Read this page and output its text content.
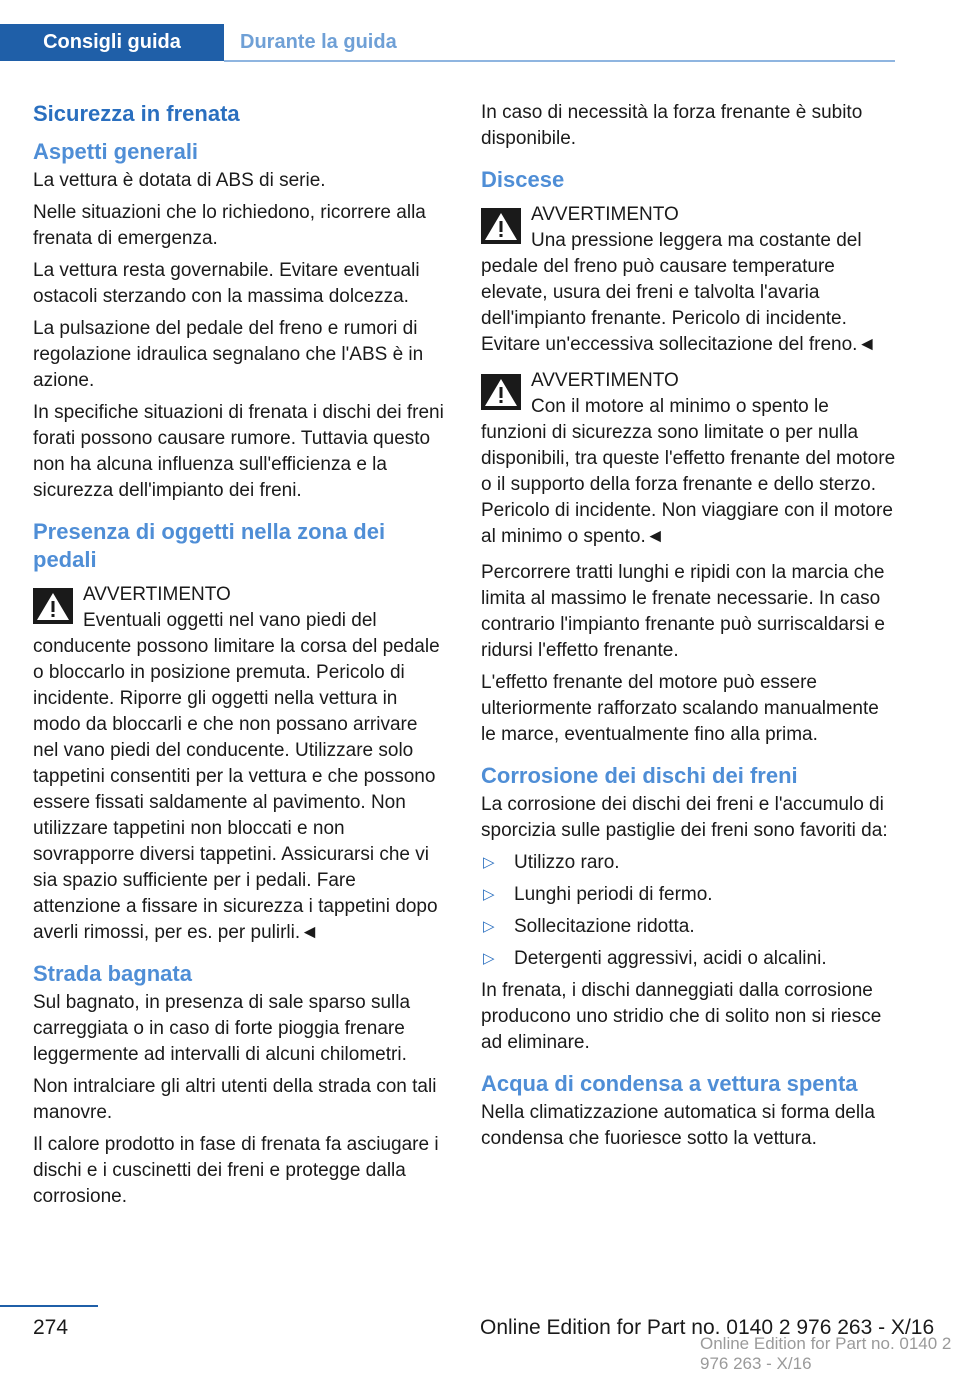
Consigli guida	Durante la guida
Sicurezza in frenata
Aspetti generali

La vettura è dotata di ABS di serie.

Nelle situazioni che lo richiedono, ricorrere alla frenata di emergenza.

La vettura resta governabile. Evitare eventuali ostacoli sterzando con la massima dolcezza.

La pulsazione del pedale del freno e rumori di regolazione idraulica segnalano che l'ABS è in azione.

In specifiche situazioni di frenata i dischi dei freni forati possono causare rumore. Tuttavia questo non ha alcuna influenza sull'efficienza e la sicurezza dell'impianto dei freni.

Presenza di oggetti nella zona dei pedali
AVVERTIMENTO

Eventuali oggetti nel vano piedi del conducente possono limitare la corsa del pedale o bloccarlo in posizione premuta. Pericolo di incidente. Riporre gli oggetti nella vettura in modo da bloccarli e che non possano arrivare nel vano piedi del conducente. Utilizzare solo tappetini consentiti per la vettura e che possono essere fissati saldamente al pavimento. Non utilizzare tappetini non bloccati e non sovrapporre diversi tappetini. Assicurarsi che vi sia spazio sufficiente per i pedali. Fare attenzione a fissare in sicurezza i tappetini dopo averli rimossi, per es. per pulirli.◄

Strada bagnata

Sul bagnato, in presenza di sale sparso sulla carreggiata o in caso di forte pioggia frenare leggermente ad intervalli di alcuni chilometri.

Non intralciare gli altri utenti della strada con tali manovre.

Il calore prodotto in fase di frenata fa asciugare i dischi e i cuscinetti dei freni e protegge dalla corrosione.

In caso di necessità la forza frenante è subito disponibile.

Discese
AVVERTIMENTO

Una pressione leggera ma costante del pedale del freno può causare temperature elevate, usura dei freni e talvolta l'avaria dell'impianto frenante. Pericolo di incidente. Evitare un'eccessiva sollecitazione del freno.◄

AVVERTIMENTO

Con il motore al minimo o spento le funzioni di sicurezza sono limitate o per nulla disponibili, tra queste l'effetto frenante del motore o il supporto della forza frenante e dello sterzo. Pericolo di incidente. Non viaggiare con il motore al minimo o spento.◄

Percorrere tratti lunghi e ripidi con la marcia che limita al massimo le frenate necessarie. In caso contrario l'impianto frenante può surriscaldarsi e ridursi l'effetto frenante.

L'effetto frenante del motore può essere ulteriormente rafforzato scalando manualmente le marce, eventualmente fino alla prima.

Corrosione dei dischi dei freni

La corrosione dei dischi dei freni e l'accumulo di sporcizia sulle pastiglie dei freni sono favoriti da:

▷ Utilizzo raro.
▷ Lunghi periodi di fermo.
▷ Sollecitazione ridotta.
▷ Detergenti aggressivi, acidi o alcalini.

In frenata, i dischi danneggiati dalla corrosione producono uno stridio che di solito non si riesce ad eliminare.

Acqua di condensa a vettura spenta

Nella climatizzazione automatica si forma della condensa che fuoriesce sotto la vettura.

274	Online Edition for Part no. 0140 2 976 263 - X/16
Online Edition for Part no. 0140 2 976 263 - X/16
